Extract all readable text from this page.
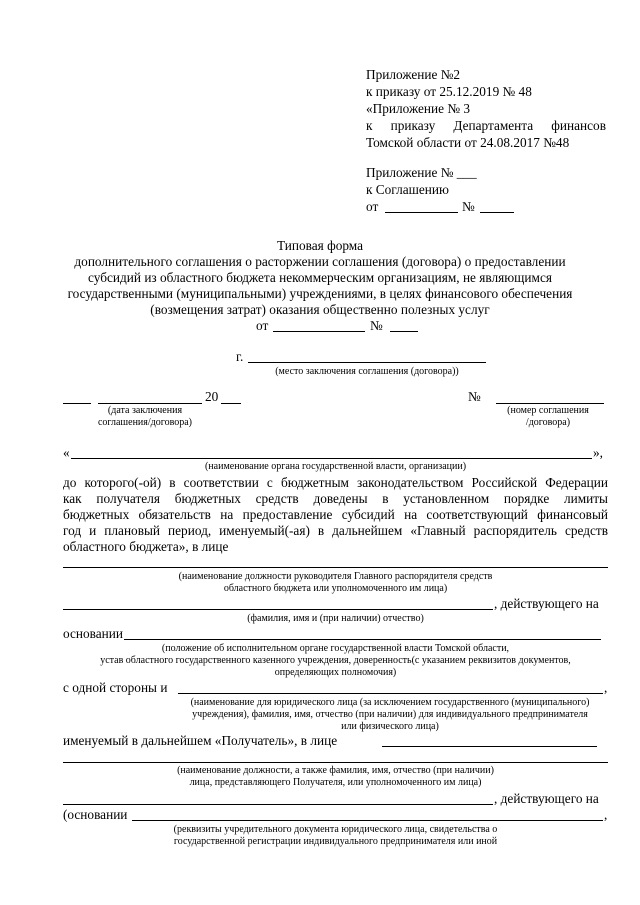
Приложение №2
к приказу от 25.12.2019 № 48
«Приложение № 3
к приказу Департамента финансов
Томской области от 24.08.2017 №48
Приложение № ___
к Соглашению
от	№
Типовая форма
дополнительного соглашения о расторжении соглашения (договора) о предоставлении
субсидий из областного бюджета некоммерческим организациям, не являющимся
государственными (муниципальными) учреждениями, в целях финансового обеспечения
(возмещения затрат) оказания общественно полезных услуг
от	№
г.
(место заключения соглашения (договора))
20	№
(дата заключения
соглашения/договора)
(номер соглашения
/договора)
«	»,
(наименование органа государственной власти, организации)
до которого(-ой) в соответствии с бюджетным законодательством Российской Федерации
как получателя бюджетных средств доведены в установленном порядке лимиты
бюджетных обязательств на предоставление субсидий на соответствующий финансовый
год и плановый период, именуемый(-ая) в дальнейшем «Главный распорядитель средств
областного бюджета», в лице
(наименование должности руководителя Главного распорядителя средств
областного бюджета или уполномоченного им лица)
, действующего на
(фамилия, имя и (при наличии) отчество)
основании
(положение об исполнительном органе государственной власти Томской области,
устав областного государственного казенного учреждения, доверенность(с указанием реквизитов документов,
определяющих полномочия)
с одной стороны и	,
(наименование для юридического лица (за исключением государственного (муниципального)
учреждения), фамилия, имя, отчество (при наличии) для индивидуального предпринимателя
или физического лица)
именуемый в дальнейшем «Получатель», в лице
(наименование должности, а также фамилия, имя, отчество (при наличии)
лица, представляющего Получателя, или уполномоченного им лица)
, действующего на
(основании	,
(реквизиты учредительного документа юридического лица, свидетельства о
государственной регистрации индивидуального предпринимателя или иной
